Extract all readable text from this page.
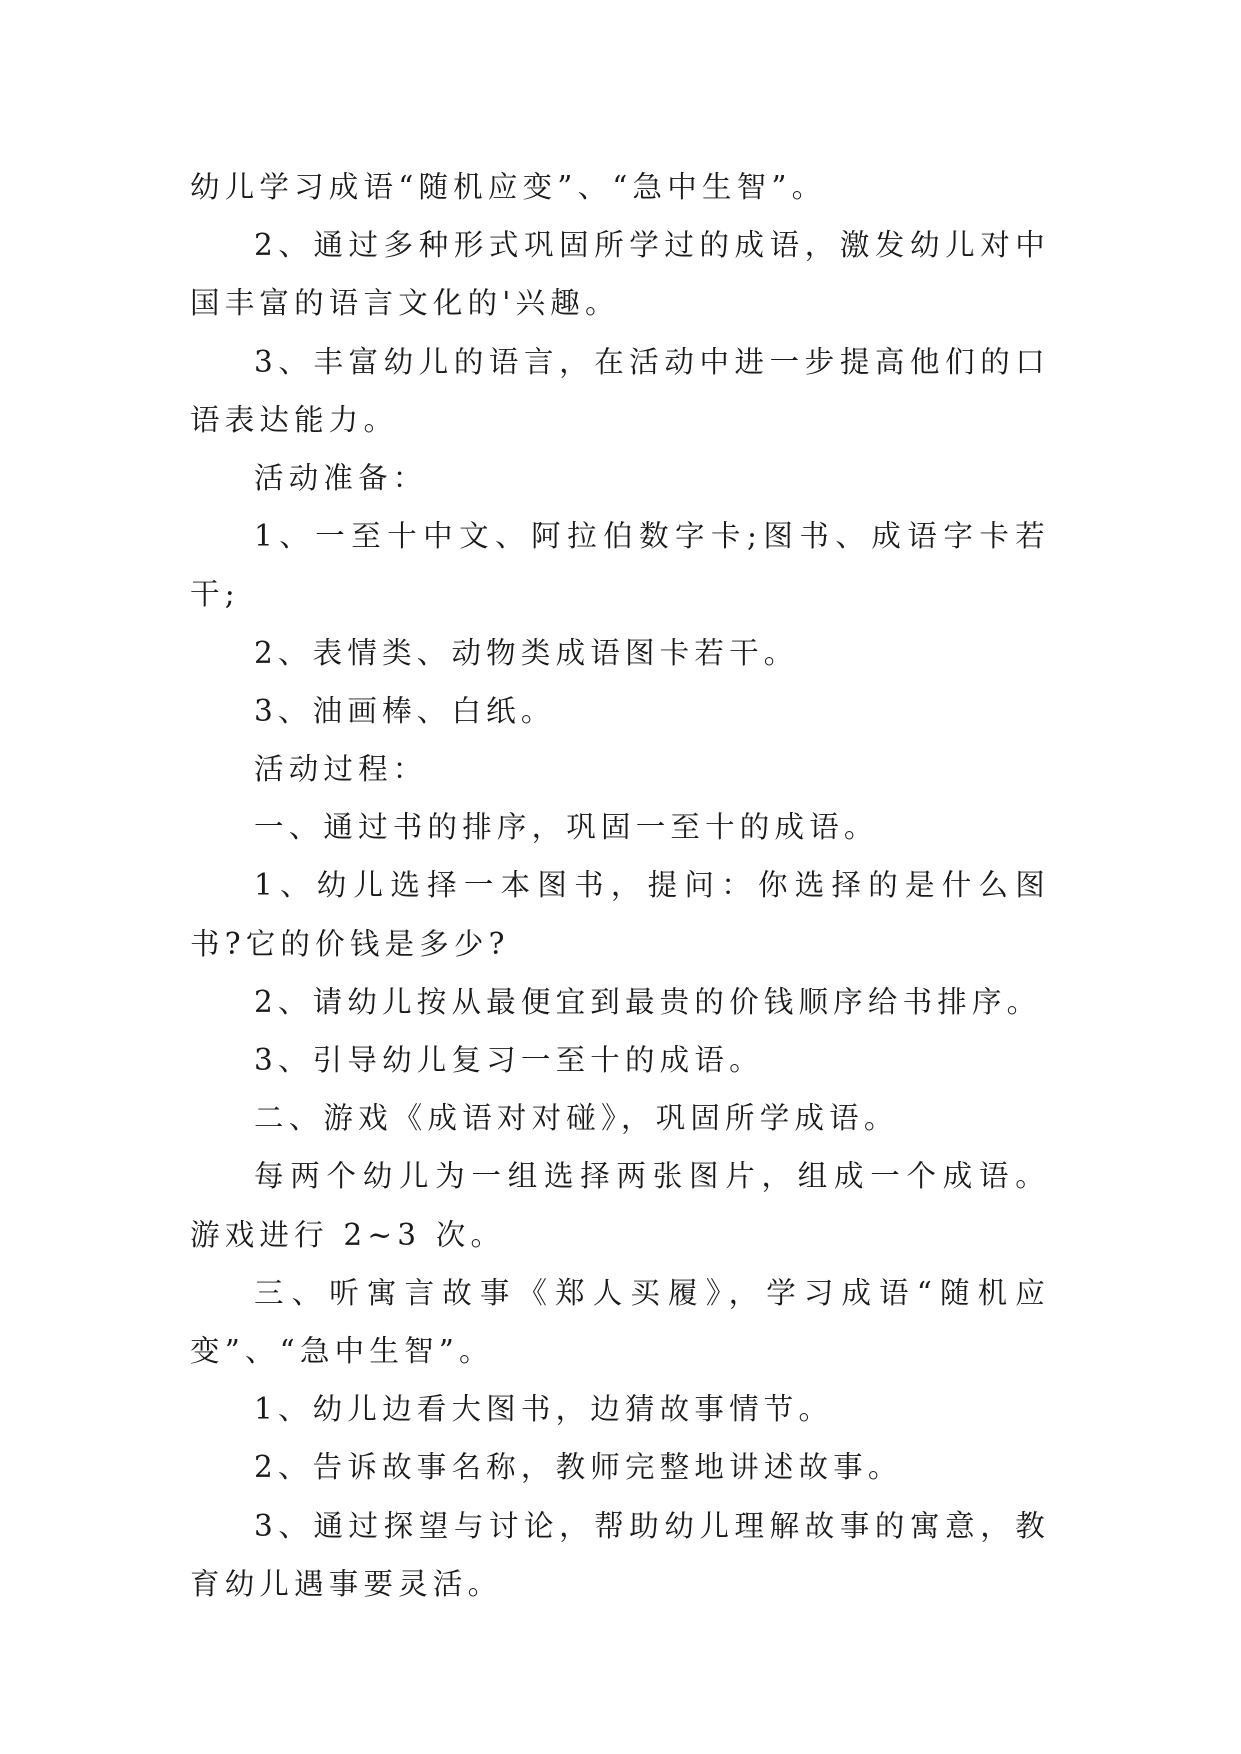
幼儿学习成语“随机应变”、“急中生智”。

2、通过多种形式巩固所学过的成语，激发幼儿对中国丰富的语言文化的'兴趣。

3、丰富幼儿的语言，在活动中进一步提高他们的口语表达能力。

活动准备：

1、一至十中文、阿拉伯数字卡;图书、成语字卡若干;

2、表情类、动物类成语图卡若干。

3、油画棒、白纸。

活动过程：

一、通过书的排序，巩固一至十的成语。

1、幼儿选择一本图书，提问：你选择的是什么图书?它的价钱是多少?

2、请幼儿按从最便宜到最贵的价钱顺序给书排序。

3、引导幼儿复习一至十的成语。

二、游戏《成语对对碰》，巩固所学成语。

每两个幼儿为一组选择两张图片，组成一个成语。游戏进行 2~3 次。

三、听寓言故事《郑人买履》，学习成语“随机应变”、“急中生智”。

1、幼儿边看大图书，边猜故事情节。

2、告诉故事名称，教师完整地讲述故事。

3、通过探望与讨论，帮助幼儿理解故事的寓意，教育幼儿遇事要灵活。
